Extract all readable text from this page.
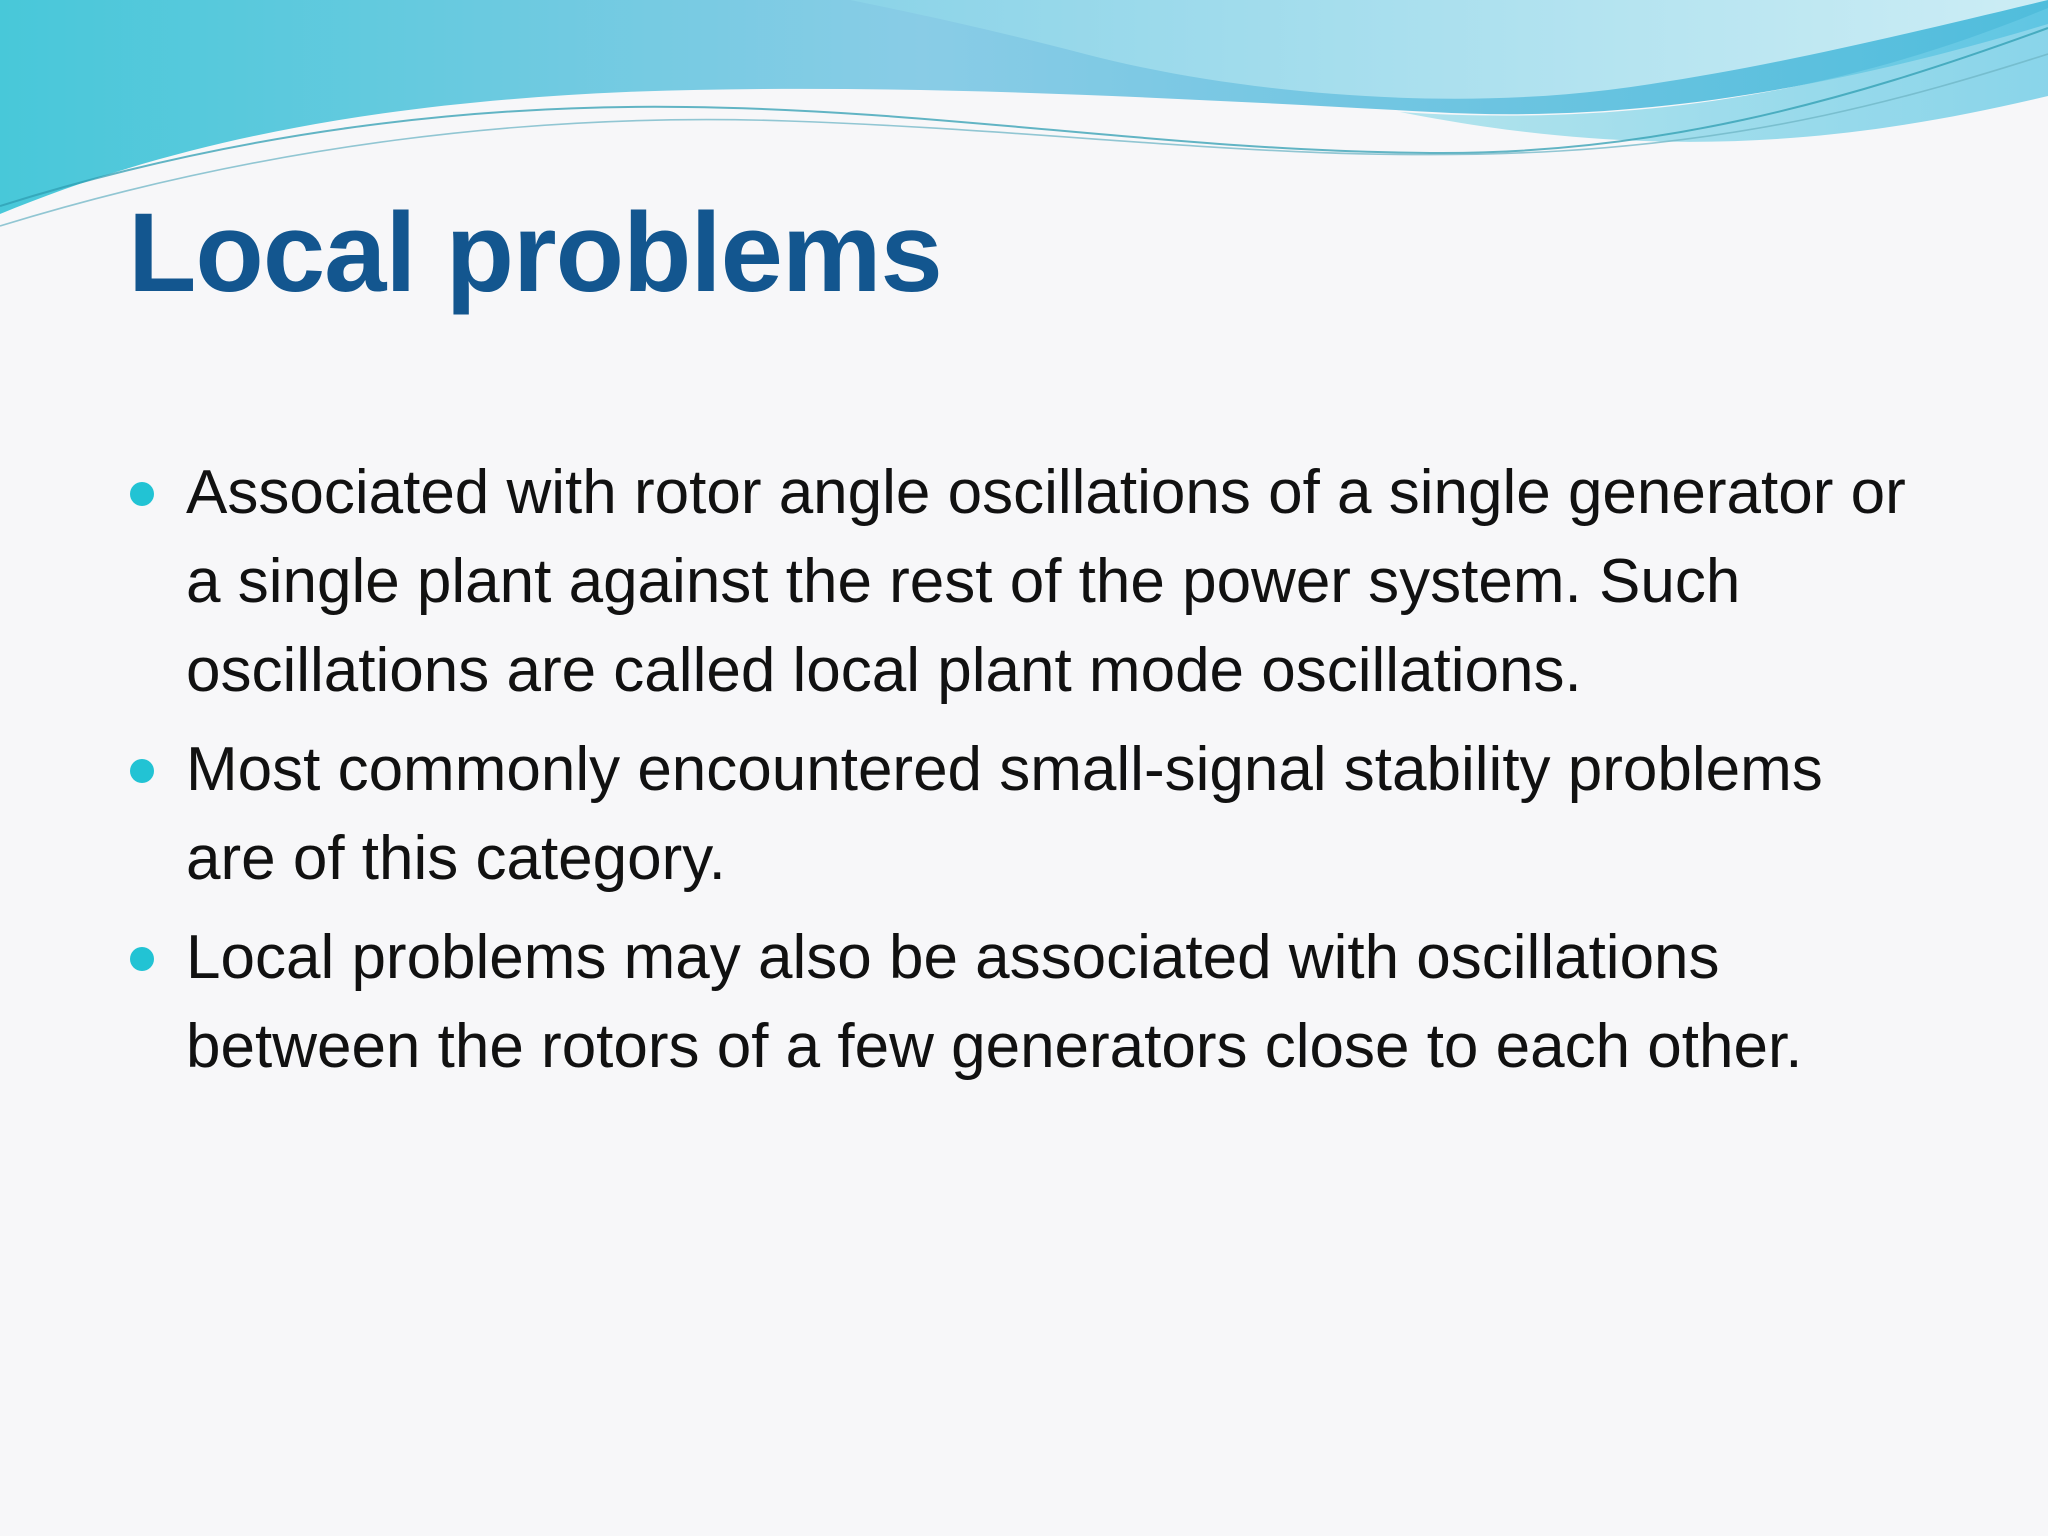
Local problems
Associated with rotor angle oscillations of a single generator or a single plant against the rest of the power system. Such oscillations are called local plant mode oscillations.
Most commonly encountered small-signal stability problems are of this category.
Local problems may also be associated with oscillations between the rotors of a few generators close to each other.
